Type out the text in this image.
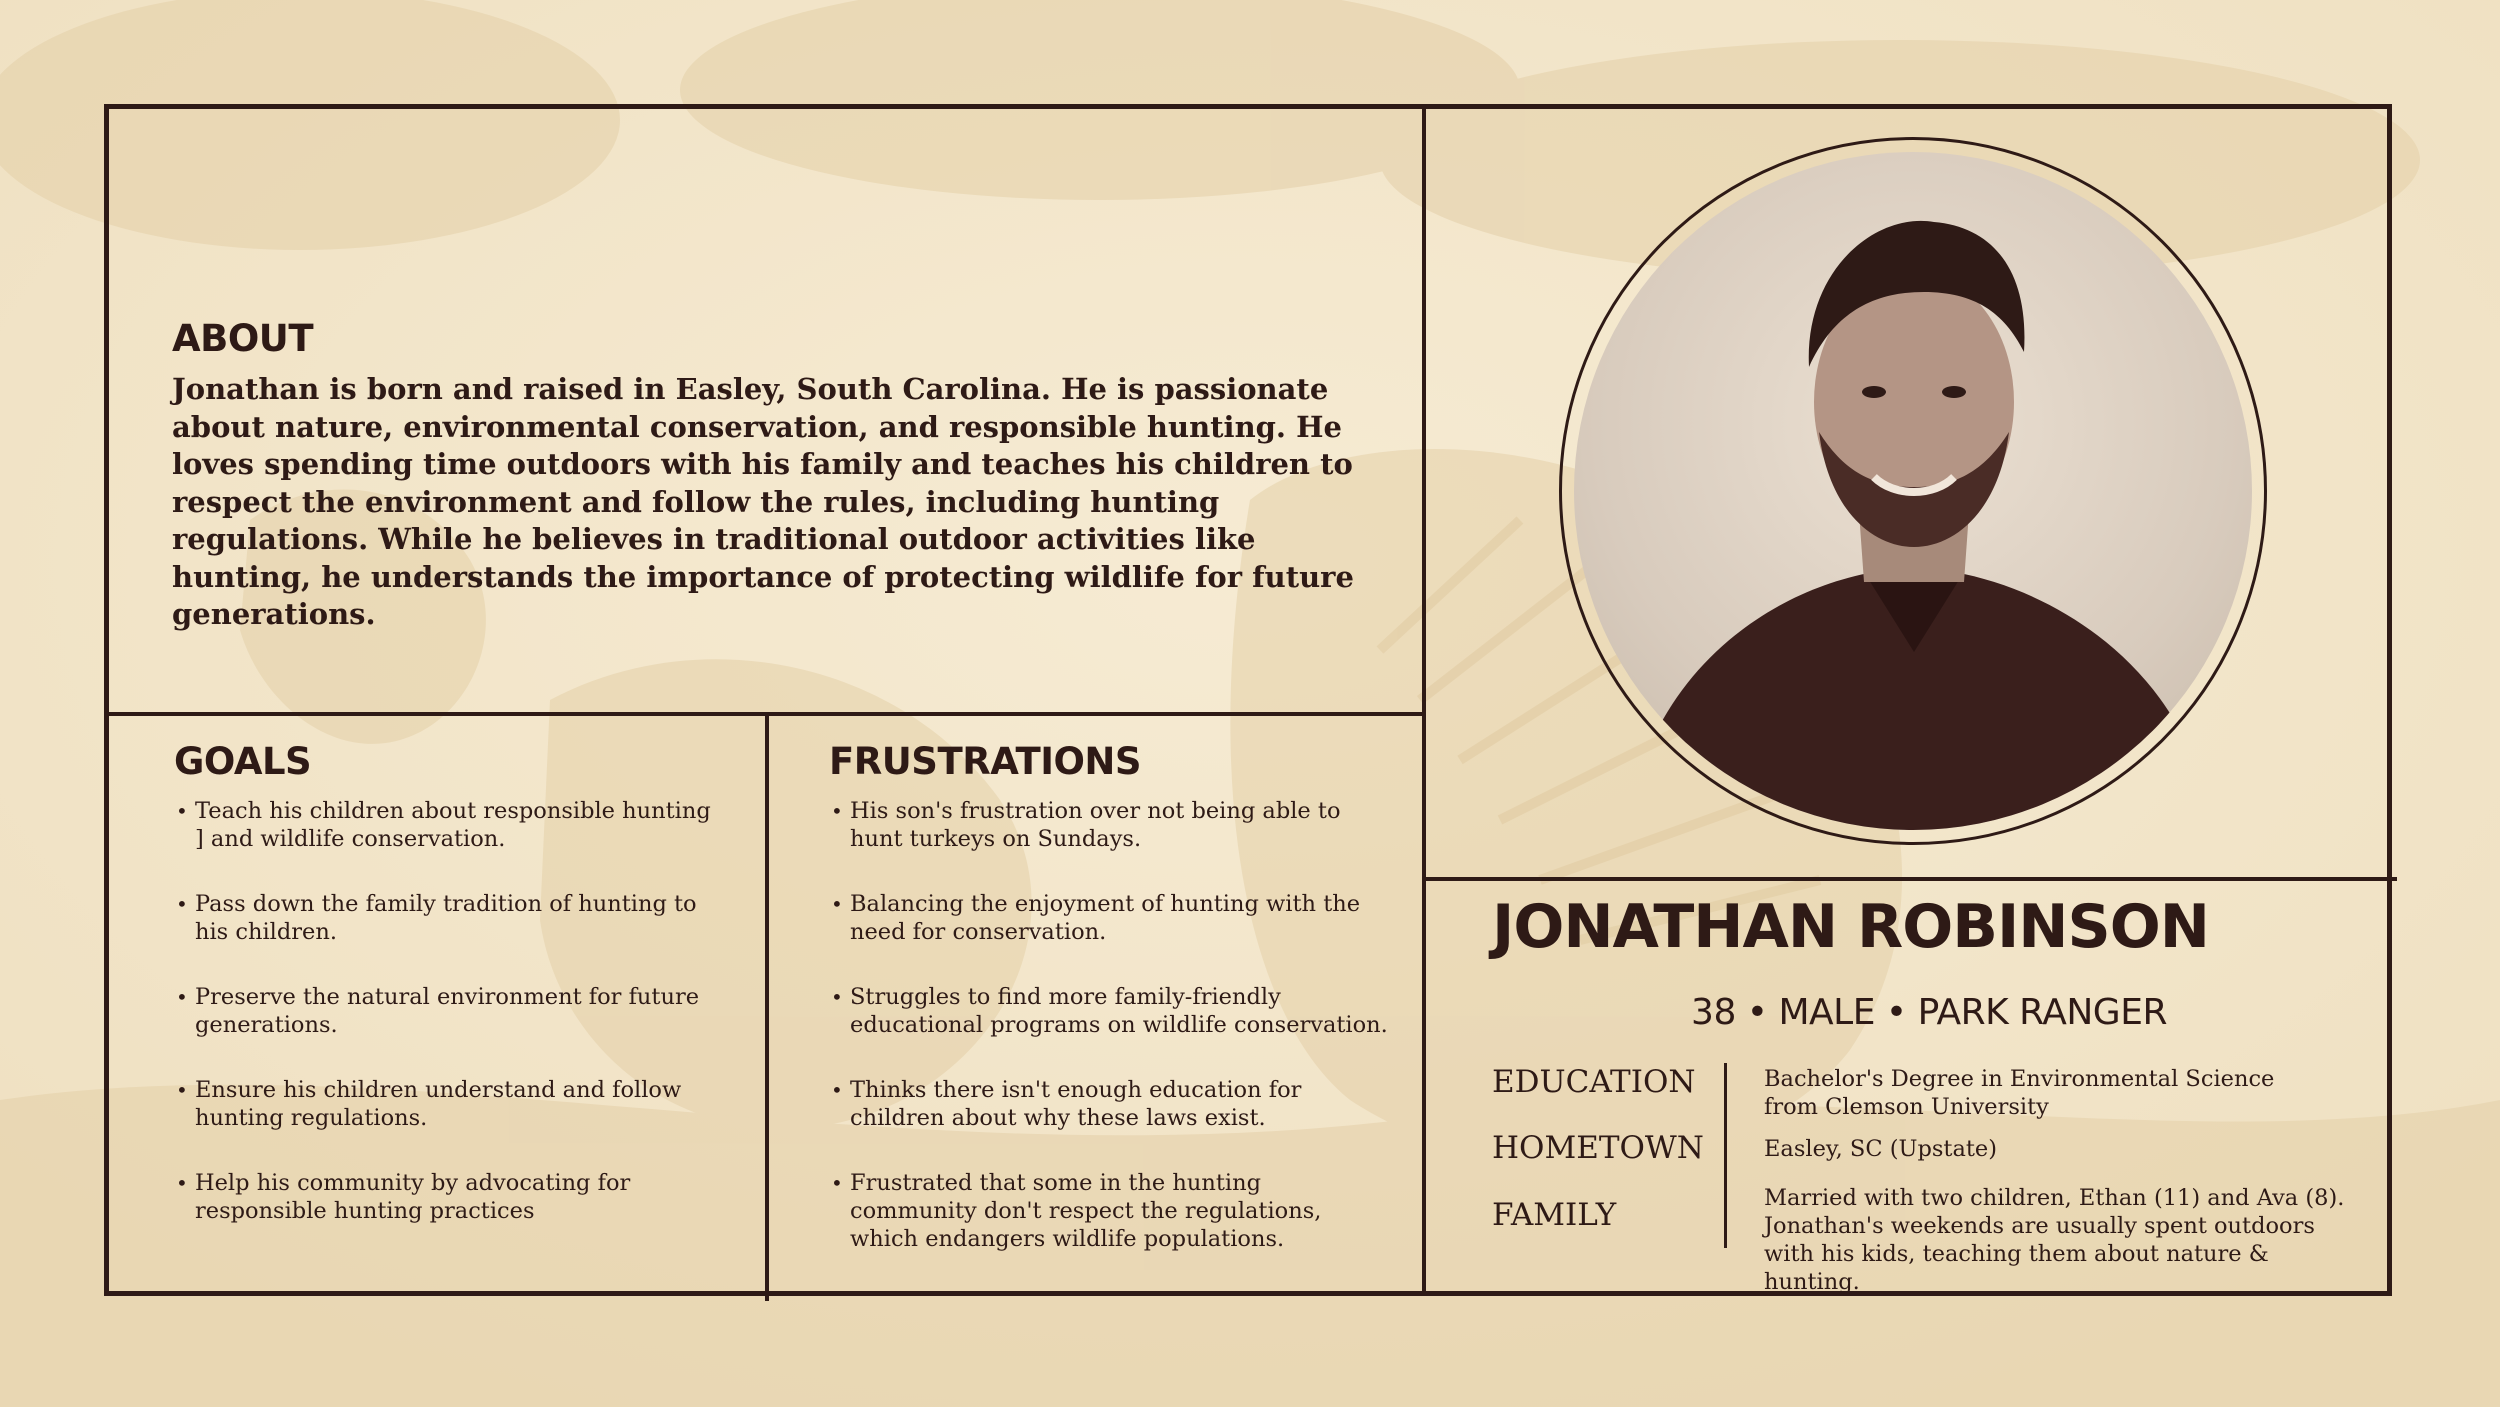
ABOUT

Jonathan is born and raised in Easley, South Carolina. He is passionate about nature, environmental conservation, and responsible hunting. He loves spending time outdoors with his family and teaches his children to respect the environment and follow the rules, including hunting regulations. While he believes in traditional outdoor activities like hunting, he understands the importance of protecting wildlife for future generations.

GOALS
• Teach his children about responsible hunting ] and wildlife conservation.
• Pass down the family tradition of hunting to his children.
• Preserve the natural environment for future generations.
• Ensure his children understand and follow hunting regulations.
• Help his community by advocating for responsible hunting practices
FRUSTRATIONS
• His son's frustration over not being able to hunt turkeys on Sundays.
• Balancing the enjoyment of hunting with the need for conservation.
• Struggles to find more family-friendly educational programs on wildlife conservation.
• Thinks there isn't enough education for children about why these laws exist.
• Frustrated that some in the hunting community don't respect the regulations, which endangers wildlife populations.
JONATHAN ROBINSON
38 • MALE • PARK RANGER

EDUCATION

HOMETOWN

FAMILY

Bachelor's Degree in Environmental Science from Clemson University

Easley, SC (Upstate)

Married with two children, Ethan (11) and Ava (8). Jonathan's weekends are usually spent outdoors with his kids, teaching them about nature & hunting.
